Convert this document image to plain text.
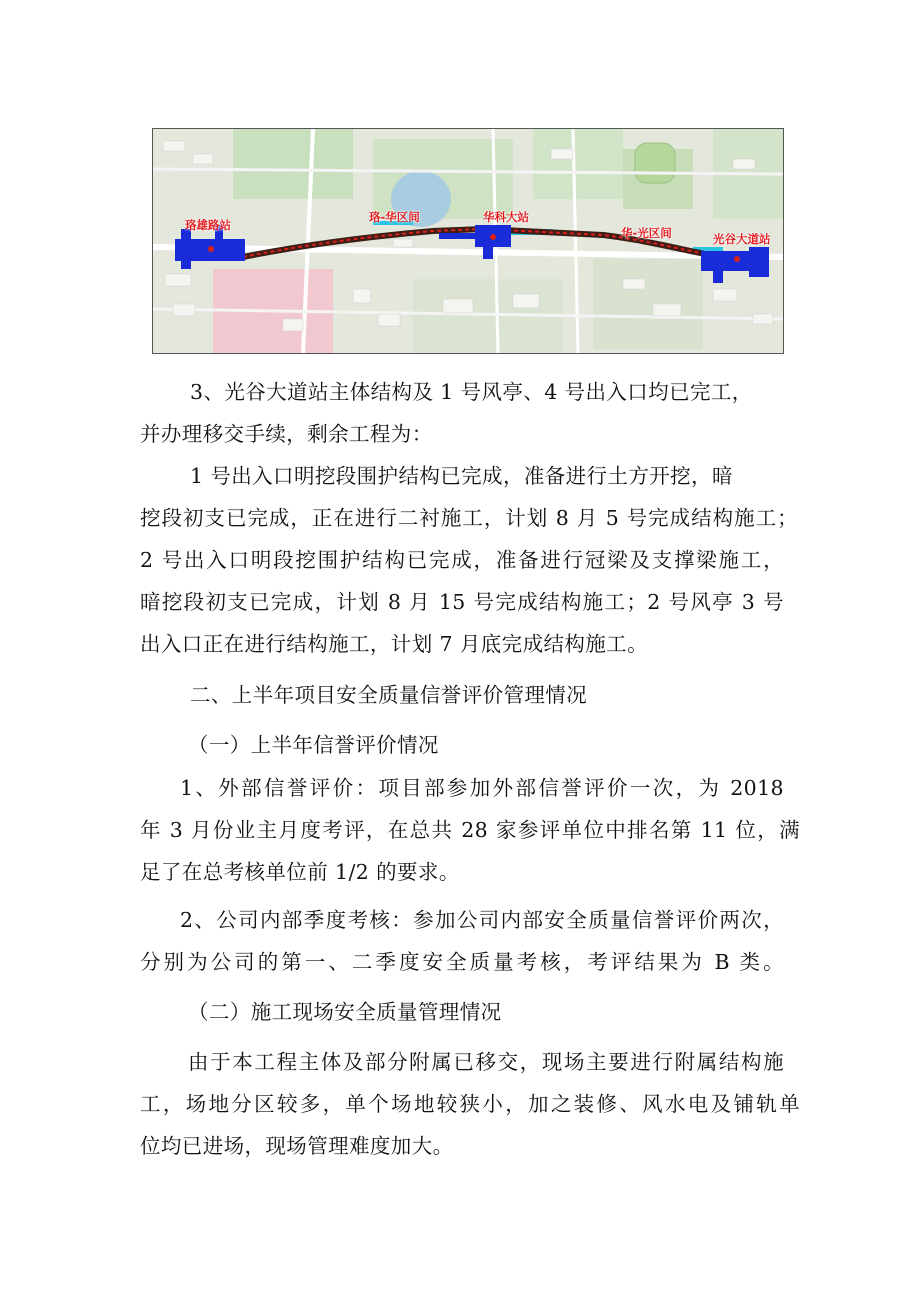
珞雄路站
珞-华区间	华科大站
华-光区间	光谷大道站
3、光谷大道站主体结构及 1 号风亭、4 号出入口均已完工，
并办理移交手续，剩余工程为：
1 号出入口明挖段围护结构已完成，准备进行土方开挖，暗
挖段初支已完成，正在进行二衬施工，计划 8 月 5 号完成结构施工；
2 号出入口明段挖围护结构已完成，准备进行冠梁及支撑梁施工，
暗挖段初支已完成，计划 8 月 15 号完成结构施工；2 号风亭 3 号
出入口正在进行结构施工，计划 7 月底完成结构施工。
二、上半年项目安全质量信誉评价管理情况
（一）上半年信誉评价情况
1、外部信誉评价：项目部参加外部信誉评价一次，为 2018
年 3 月份业主月度考评，在总共 28 家参评单位中排名第 11 位，满
足了在总考核单位前 1/2 的要求。
2、公司内部季度考核：参加公司内部安全质量信誉评价两次，
分别为公司的第一、二季度安全质量考核，考评结果为 B 类。
（二）施工现场安全质量管理情况
由于本工程主体及部分附属已移交，现场主要进行附属结构施
工，场地分区较多，单个场地较狭小，加之装修、风水电及铺轨单
位均已进场，现场管理难度加大。
